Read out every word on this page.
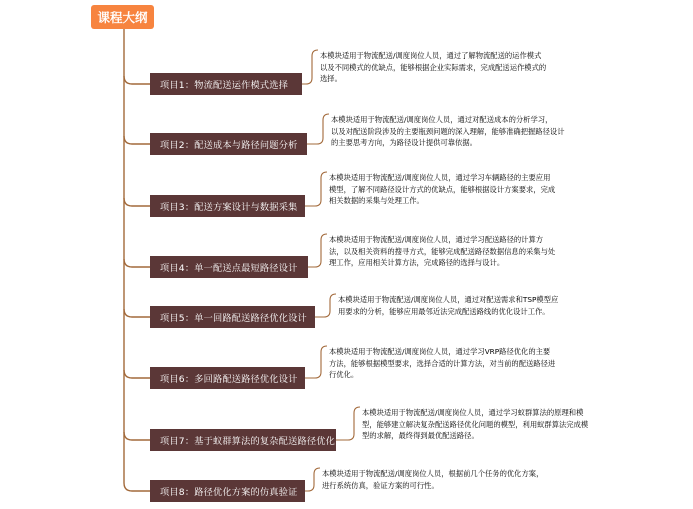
课程大纲
项目1：物流配送运作模式选择
本模块适用于物流配送/调度岗位人员，通过了解物流配送的运作模式
以及不同模式的优缺点，能够根据企业实际需求，完成配送运作模式的
选择。
项目2：配送成本与路径问题分析
本模块适用于物流配送/调度岗位人员，通过对配送成本的分析学习，
以及对配送阶段涉及的主要瓶颈问题的深入理解，能够准确把握路径设计
的主要思考方向，为路径设计提供可靠依据。
项目3：配送方案设计与数据采集
本模块适用于物流配送/调度岗位人员，通过学习车辆路径的主要应用
模型，了解不同路径设计方式的优缺点，能够根据设计方案要求，完成
相关数据的采集与处理工作。
项目4：单一配送点最短路径设计
本模块适用于物流配送/调度岗位人员，通过学习配送路径的计算方
法，以及相关资料的搜寻方式，能够完成配送路径数据信息的采集与处
理工作，应用相关计算方法，完成路径的选择与设计。
项目5：单一回路配送路径优化设计
本模块适用于物流配送/调度岗位人员，通过对配送需求和TSP模型应
用要求的分析，能够应用最邻近法完成配送路线的优化设计工作。
项目6：多回路配送路径优化设计
本模块适用于物流配送/调度岗位人员，通过学习VRP路径优化的主要
方法，能够根据模型要求，选择合适的计算方法，对当前的配送路径进
行优化。
项目7：基于蚁群算法的复杂配送路径优化
本模块适用于物流配送/调度岗位人员，通过学习蚁群算法的原理和模
型，能够建立解决复杂配送路径优化问题的模型，利用蚁群算法完成模
型的求解，最终得到最优配送路径。
项目8：路径优化方案的仿真验证
本模块适用于物流配送/调度岗位人员，根据前几个任务的优化方案，
进行系统仿真，验证方案的可行性。
